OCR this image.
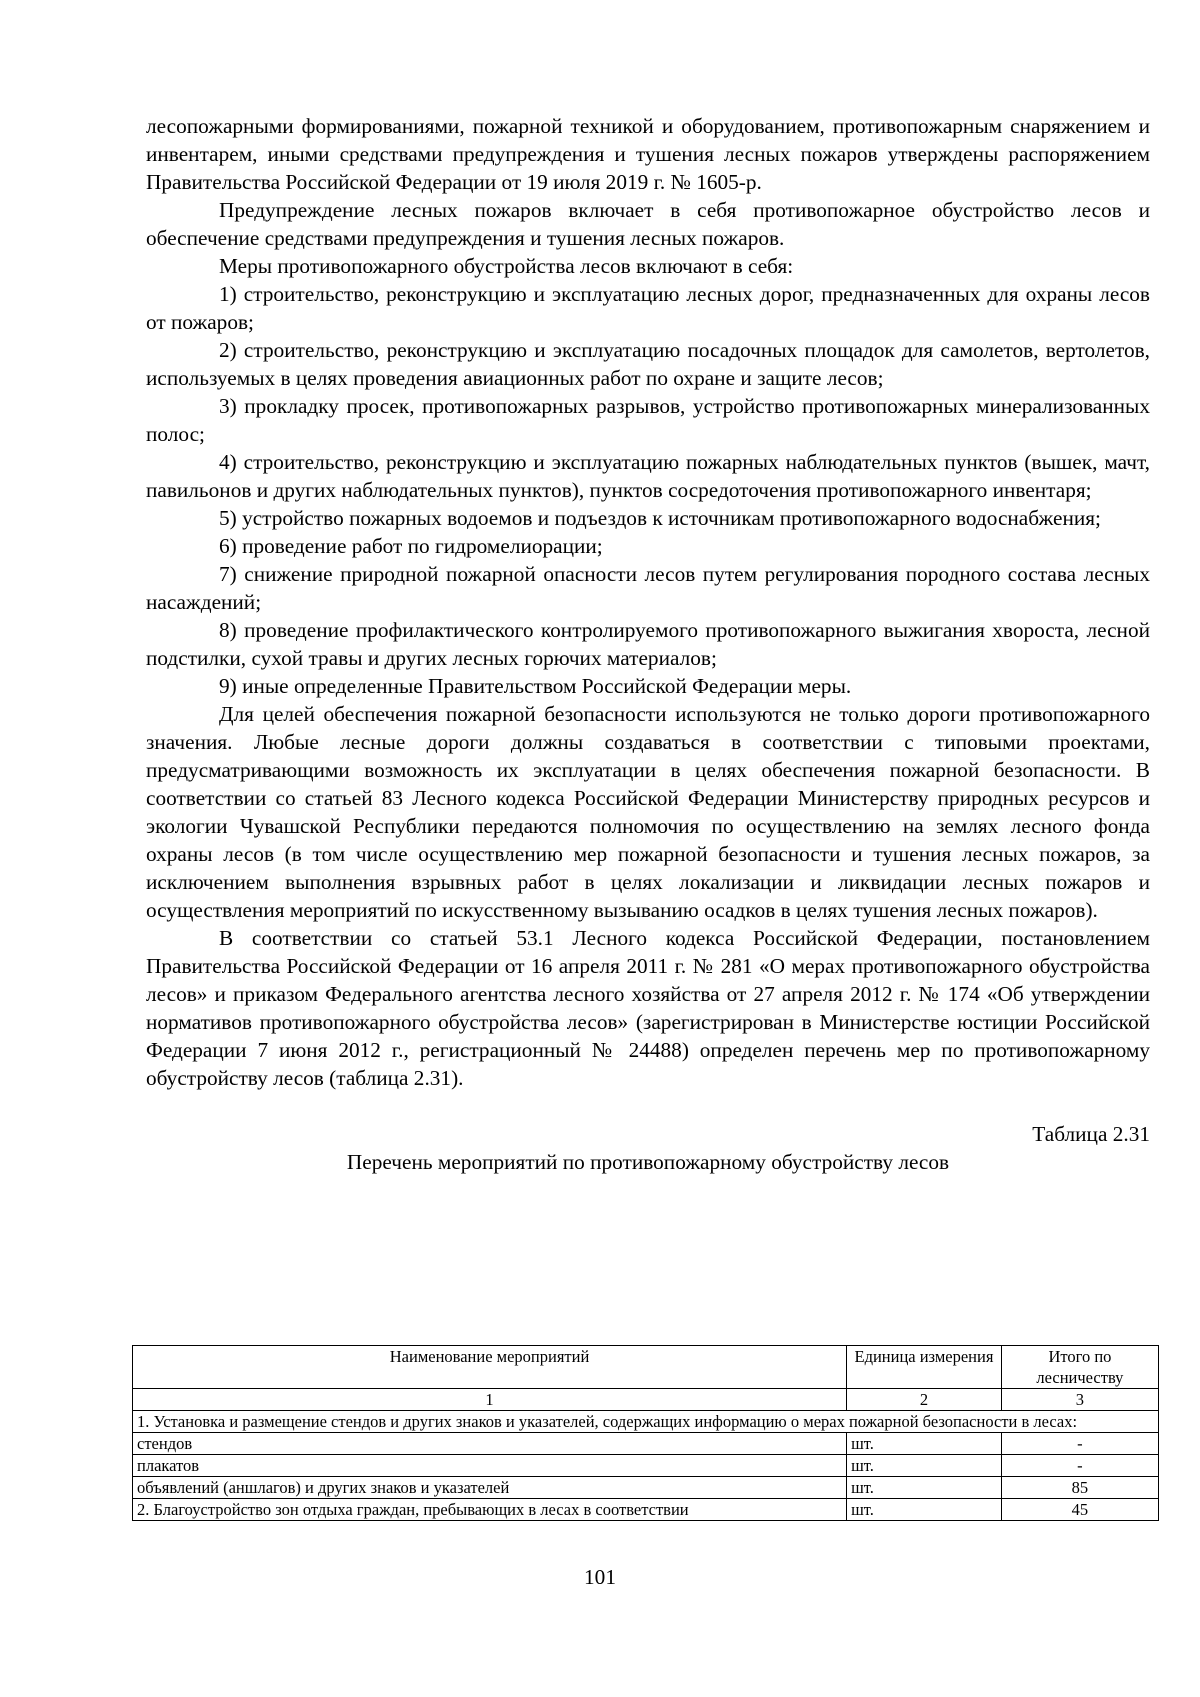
лесопожарными формированиями, пожарной техникой и оборудованием, противопожарным снаряжением и инвентарем, иными средствами предупреждения и тушения лесных пожаров утверждены распоряжением Правительства Российской Федерации от 19 июля 2019 г. № 1605-р.

Предупреждение лесных пожаров включает в себя противопожарное обустройство лесов и обеспечение средствами предупреждения и тушения лесных пожаров.

Меры противопожарного обустройства лесов включают в себя:

1) строительство, реконструкцию и эксплуатацию лесных дорог, предназначенных для охраны лесов от пожаров;

2) строительство, реконструкцию и эксплуатацию посадочных площадок для самолетов, вертолетов, используемых в целях проведения авиационных работ по охране и защите лесов;

3) прокладку просек, противопожарных разрывов, устройство противопожарных минерализованных полос;

4) строительство, реконструкцию и эксплуатацию пожарных наблюдательных пунктов (вышек, мачт, павильонов и других наблюдательных пунктов), пунктов сосредоточения противопожарного инвентаря;

5) устройство пожарных водоемов и подъездов к источникам противопожарного водоснабжения;

6) проведение работ по гидромелиорации;

7) снижение природной пожарной опасности лесов путем регулирования породного состава лесных насаждений;

8) проведение профилактического контролируемого противопожарного выжигания хвороста, лесной подстилки, сухой травы и других лесных горючих материалов;

9) иные определенные Правительством Российской Федерации меры.

Для целей обеспечения пожарной безопасности используются не только дороги противопожарного значения. Любые лесные дороги должны создаваться в соответствии с типовыми проектами, предусматривающими возможность их эксплуатации в целях обеспечения пожарной безопасности. В соответствии со статьей 83 Лесного кодекса Российской Федерации Министерству природных ресурсов и экологии Чувашской Республики передаются полномочия по осуществлению на землях лесного фонда охраны лесов (в том числе осуществлению мер пожарной безопасности и тушения лесных пожаров, за исключением выполнения взрывных работ в целях локализации и ликвидации лесных пожаров и осуществления мероприятий по искусственному вызыванию осадков в целях тушения лесных пожаров).

В соответствии со статьей 53.1 Лесного кодекса Российской Федерации, постановлением Правительства Российской Федерации от 16 апреля 2011 г. № 281 «О мерах противопожарного обустройства лесов» и приказом Федерального агентства лесного хозяйства от 27 апреля 2012 г. № 174 «Об утверждении нормативов противопожарного обустройства лесов» (зарегистрирован в Министерстве юстиции Российской Федерации 7 июня 2012 г., регистрационный № 24488) определен перечень мер по противопожарному обустройству лесов (таблица 2.31).

Таблица 2.31

Перечень мероприятий по противопожарному обустройству лесов

Наименование мероприятий	Единица измерения	Итого по лесничеству
1	2	3
1. Установка и размещение стендов и других знаков и указателей, содержащих информацию о мерах пожарной безопасности в лесах:		
стендов	шт.	-
плакатов	шт.	-
объявлений (аншлагов) и других знаков и указателей	шт.	85
2. Благоустройство зон отдыха граждан, пребывающих в лесах в соответствии	шт.	45
101
